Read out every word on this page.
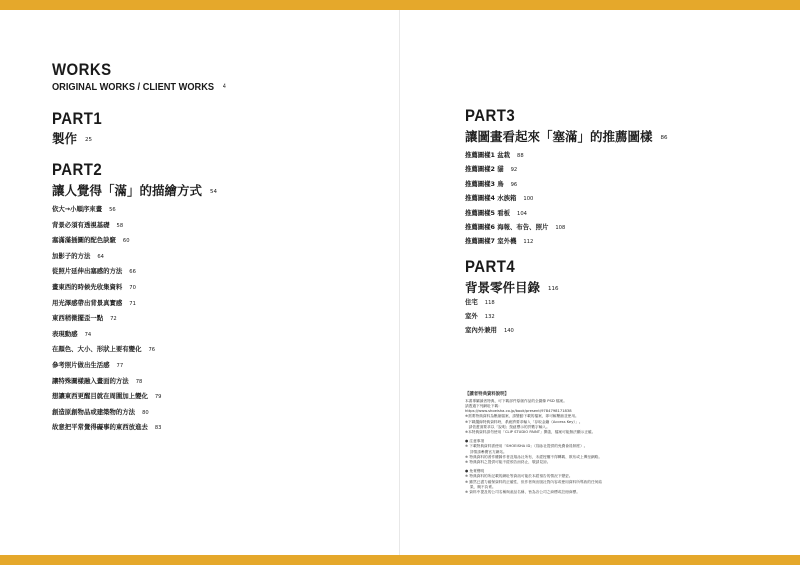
WORKS
ORIGINAL WORKS / CLIENT WORKS 4
PART1
製作 25
PART2
讓人覺得「滿」的描繪方式 54
依大→小順序來畫 56
背景必須有透視基礎 58
塞滿滿插圖的配色訣竅 60
加影子的方法 64
從照片延伸出塞感的方法 66
畫東西的時候先收集資料 70
用光澤感帶出背景真實感 71
東西稍微擺歪一點 72
表現動感 74
在顏色、大小、形狀上要有變化 76
參考照片做出生活感 77
讓特殊圖樣融入畫面的方法 78
想讓東西更醒目就在周圍加上變化 79
創造原創物品或建築物的方法 80
故意把平常覺得礙事的東西放進去 83
PART3
讓圖畫看起來「塞滿」的推薦圖樣 86
推薦圖樣1 盆栽 88
推薦圖樣2 貓 92
推薦圖樣3 鳥 96
推薦圖樣4 水族箱 100
推薦圖樣5 看板 104
推薦圖樣6 海報、布告、照片 108
推薦圖樣7 室外機 112
PART4
背景零件目錄 116
住宅 118
室外 132
室內外兼用 140
【讀者特典資料說明】
本書專屬讀者特典，可下載部件原創作品的全圖像 PSD 檔案。
請透過下列網址下載：
https://www.shoeisha.co.jp/book/present/9784798171838
※需要特典資料為壓縮檔案，請變動下載的檔案，即可解壓縮並使用。
※下載纜線特典資料時，系統將要求輸入「存取金鑰（Access Key）」。
　請依畫面要求以「說明」按鈕標示的頁數字輸入。
※本特典資料請勿使用「CLIP STUDIO PAINT」開啟，檔案可能無法顯示正確。
● 注意事項
※ 下載特典資料需使用「SHOEISHA ID」（翔泳社提供的免費會員制度）。
　 詳情請參閱官方網站。
※ 特典資料的著作權歸作者及翔泳社所有，未經授權不得轉載、散布或上傳至網路。
※ 特典資料之提供可能不經預告而終止，敬請見諒。
● 免責聲明
※ 特典資料的所記載的網址等資訊可能於本經預告的情況下變更。
※ 雖然已盡力確保資料的正確性，但作者與出版社對內容或使用資料所導致的任何結
　 果，概不負責。
※ 資料中提及的公司名稱與產品名稱，皆為各公司之商標或註冊商標。
